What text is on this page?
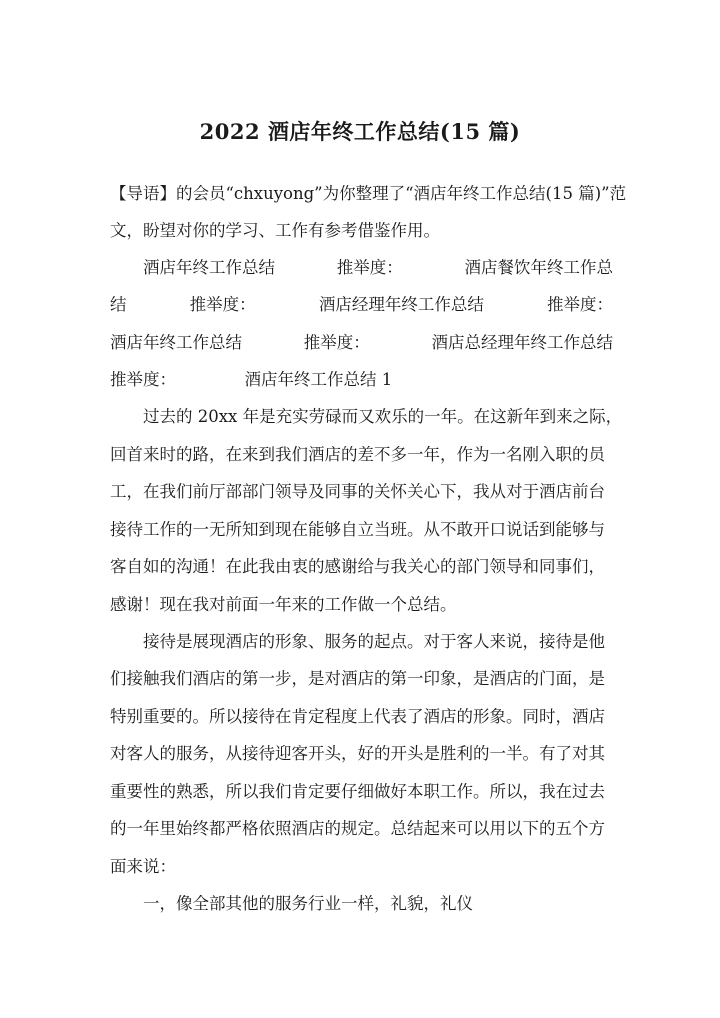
2022 酒店年终工作总结(15 篇)
【导语】的会员“chxuyong”为你整理了“酒店年终工作总结(15 篇)”范
文，盼望对你的学习、工作有参考借鉴作用。
酒店年终工作总结	推举度：	酒店餐饮年终工作总
结	推举度：	酒店经理年终工作总结	推举度：
酒店年终工作总结	推举度：	酒店总经理年终工作总结
推举度：	酒店年终工作总结 1
过去的 20xx 年是充实劳碌而又欢乐的一年。在这新年到来之际，
回首来时的路，在来到我们酒店的差不多一年，作为一名刚入职的员
工，在我们前厅部部门领导及同事的关怀关心下，我从对于酒店前台
接待工作的一无所知到现在能够自立当班。从不敢开口说话到能够与
客自如的沟通！在此我由衷的感谢给与我关心的部门领导和同事们，
感谢！现在我对前面一年来的工作做一个总结。
接待是展现酒店的形象、服务的起点。对于客人来说，接待是他
们接触我们酒店的第一步，是对酒店的第一印象，是酒店的门面，是
特别重要的。所以接待在肯定程度上代表了酒店的形象。同时，酒店
对客人的服务，从接待迎客开头，好的开头是胜利的一半。有了对其
重要性的熟悉，所以我们肯定要仔细做好本职工作。所以，我在过去
的一年里始终都严格依照酒店的规定。总结起来可以用以下的五个方
面来说：
一，像全部其他的服务行业一样，礼貌，礼仪
